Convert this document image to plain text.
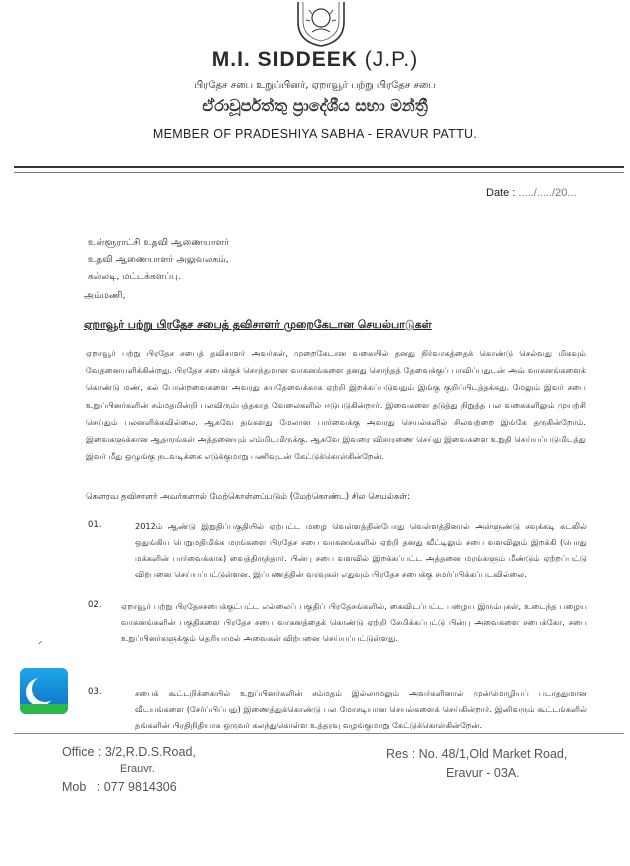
M.I. SIDDEEK (J.P.)
பிரதேச சபை உறுப்பினர், ஏறாவூர் பற்று பிரதேச சபை
ඒරාවූර්පත්තු ප්‍රාදේශීය සභා මන්ත්‍රී
MEMBER OF PRADESHIYA SABHA - ERAVUR PATTU.
Date : ...../...../20...
உள்ளூராட்சி உதவி ஆணையாளர்
உதவி ஆணையாளர் அலுவலகம்,
கல்லடி, மட்டக்களப்பு.
அம்மணி,
ஏறாவூர் பற்று பிரதேச சபைத் தவிசாளர் முறைகேடான செயல்பாடுகள்
ஏறாவூர் பற்று பிரதேச சபைத் தவிசாளர் அவர்கள், முறைகேடான வகையில் தனது நிர்வாகத்தைக் கொண்டு செல்வது மிகவும் வேதனையளிக்கின்றது. பிரதேச சபைக்குச் சொந்தமான வாகனங்களை தனது சொந்தத் தேவைக்குப் பாவிப்பதுடன் அவ் வாகனங்களைக் கொண்டு மண், கல் போன்றவைகளை அவரது சுயதேவைக்காக ஏற்றி இறக்கப்படுவதும் இங்கு குறிப்பிடத்தக்கது. மேலும் இவர் சபை உறுப்பினர்களின் சம்மதமின்றி பலவிரும்பத்தகாத வேலைகளில் ஈடுபடுகின்றார். இவைகளை தடுத்து நிறுத்த பல வகைகளிலும் முயற்சி செய்தும் பலனளிக்கவில்லை. ஆகவே தங்களது மேலான பார்வைக்கு அவரது செயல்களில் சிலவற்றை இங்கே தருகின்றோம். இவைகளுக்கான ஆதாரங்கள் அத்தனையும் எம்மிடமிருக்கு. ஆகவே இவரை விசாரணை செய்து இவைகளை உறுதி செய்யப்படுமிடத்து இவர் மீது ஒழுங்கு நடவடிக்கை எடுக்குமாறு பணிவுடன் கேட்டுக்கொள்கின்றேன்.
கௌரவ தவிசாளர் அவர்களால் மேற்கொள்ளப்படும் (மேற்கொண்ட) சில செயல்கள்:
01.	2012ம் ஆண்டு இறுதிப்பகுதியில் ஏற்பட்ட மழை வெள்ளத்தின்போது வெள்ளத்தினால் அள்ளுண்டு சவுக்கடி கடலில் ஒதுங்கிய பெறுமதிமிக்க மரங்களை பிரதேச சபை வாகனங்களில் ஏற்றி தனது வீட்டிலும் சபை வளவிலும் இறக்கி (பொது மக்களின் பார்வைக்காக) வைத்திருந்தார். பின்பு சபை வளவில் இறக்கப்பட்ட அத்தனை மரங்களும் மீண்டும் ஏற்றப்பட்டு விற்பனை செய்யப்பட்டுள்ளன. இப்பணத்தின் வரவுகள் எதுவும் பிரதேச சபைக்கு சமர்ப்பிக்கப்படவில்லை.
02. ஏறாவூர் பற்று பிரதேசசபைக்குட்பட்ட எல்லைப் பகுதிப் பிரதேசங்களில், கைவிடப்பட்ட பழைய இரும்புகள், உடைந்த பழைய வாகனங்களின் பகுதிகளை பிரதேச சபை வாகனத்தைக் கொண்டு ஏற்றி சேமிக்கப்பட்டு பின்பு அவைகளை சபைக்கோ, சபை உறுப்பினர்களுக்கும் தெரியாமல் அவைகள் விற்பனை செய்யப்பட்டுள்ளது.
03.	சபைக் கூட்டறிக்கையில் உறுப்பினர்களின் சம்மதம் இல்லாமலும் அவர்களினால் முன்மொழியப் படாததுமான வீடயங்களை (சேர்ப்பிப்பது) இணைத்துக்கொண்டு பல மோசடியான செயல்களைக் செய்கின்றார். இனிவரும் கூட்டங்களில் தங்களின் பிரதிநிதியாக ஒருவர் கலந்துகொள்ள உத்தரவு வழங்குமாறு கேட்டுக்கொள்கின்றேன்.
ᐟ
Office : 3/2,R.D.S.Road,
Erauvr.
Mob : 077 9814306
Res : No. 48/1,Old Market Road,
Eravur - 03A.
